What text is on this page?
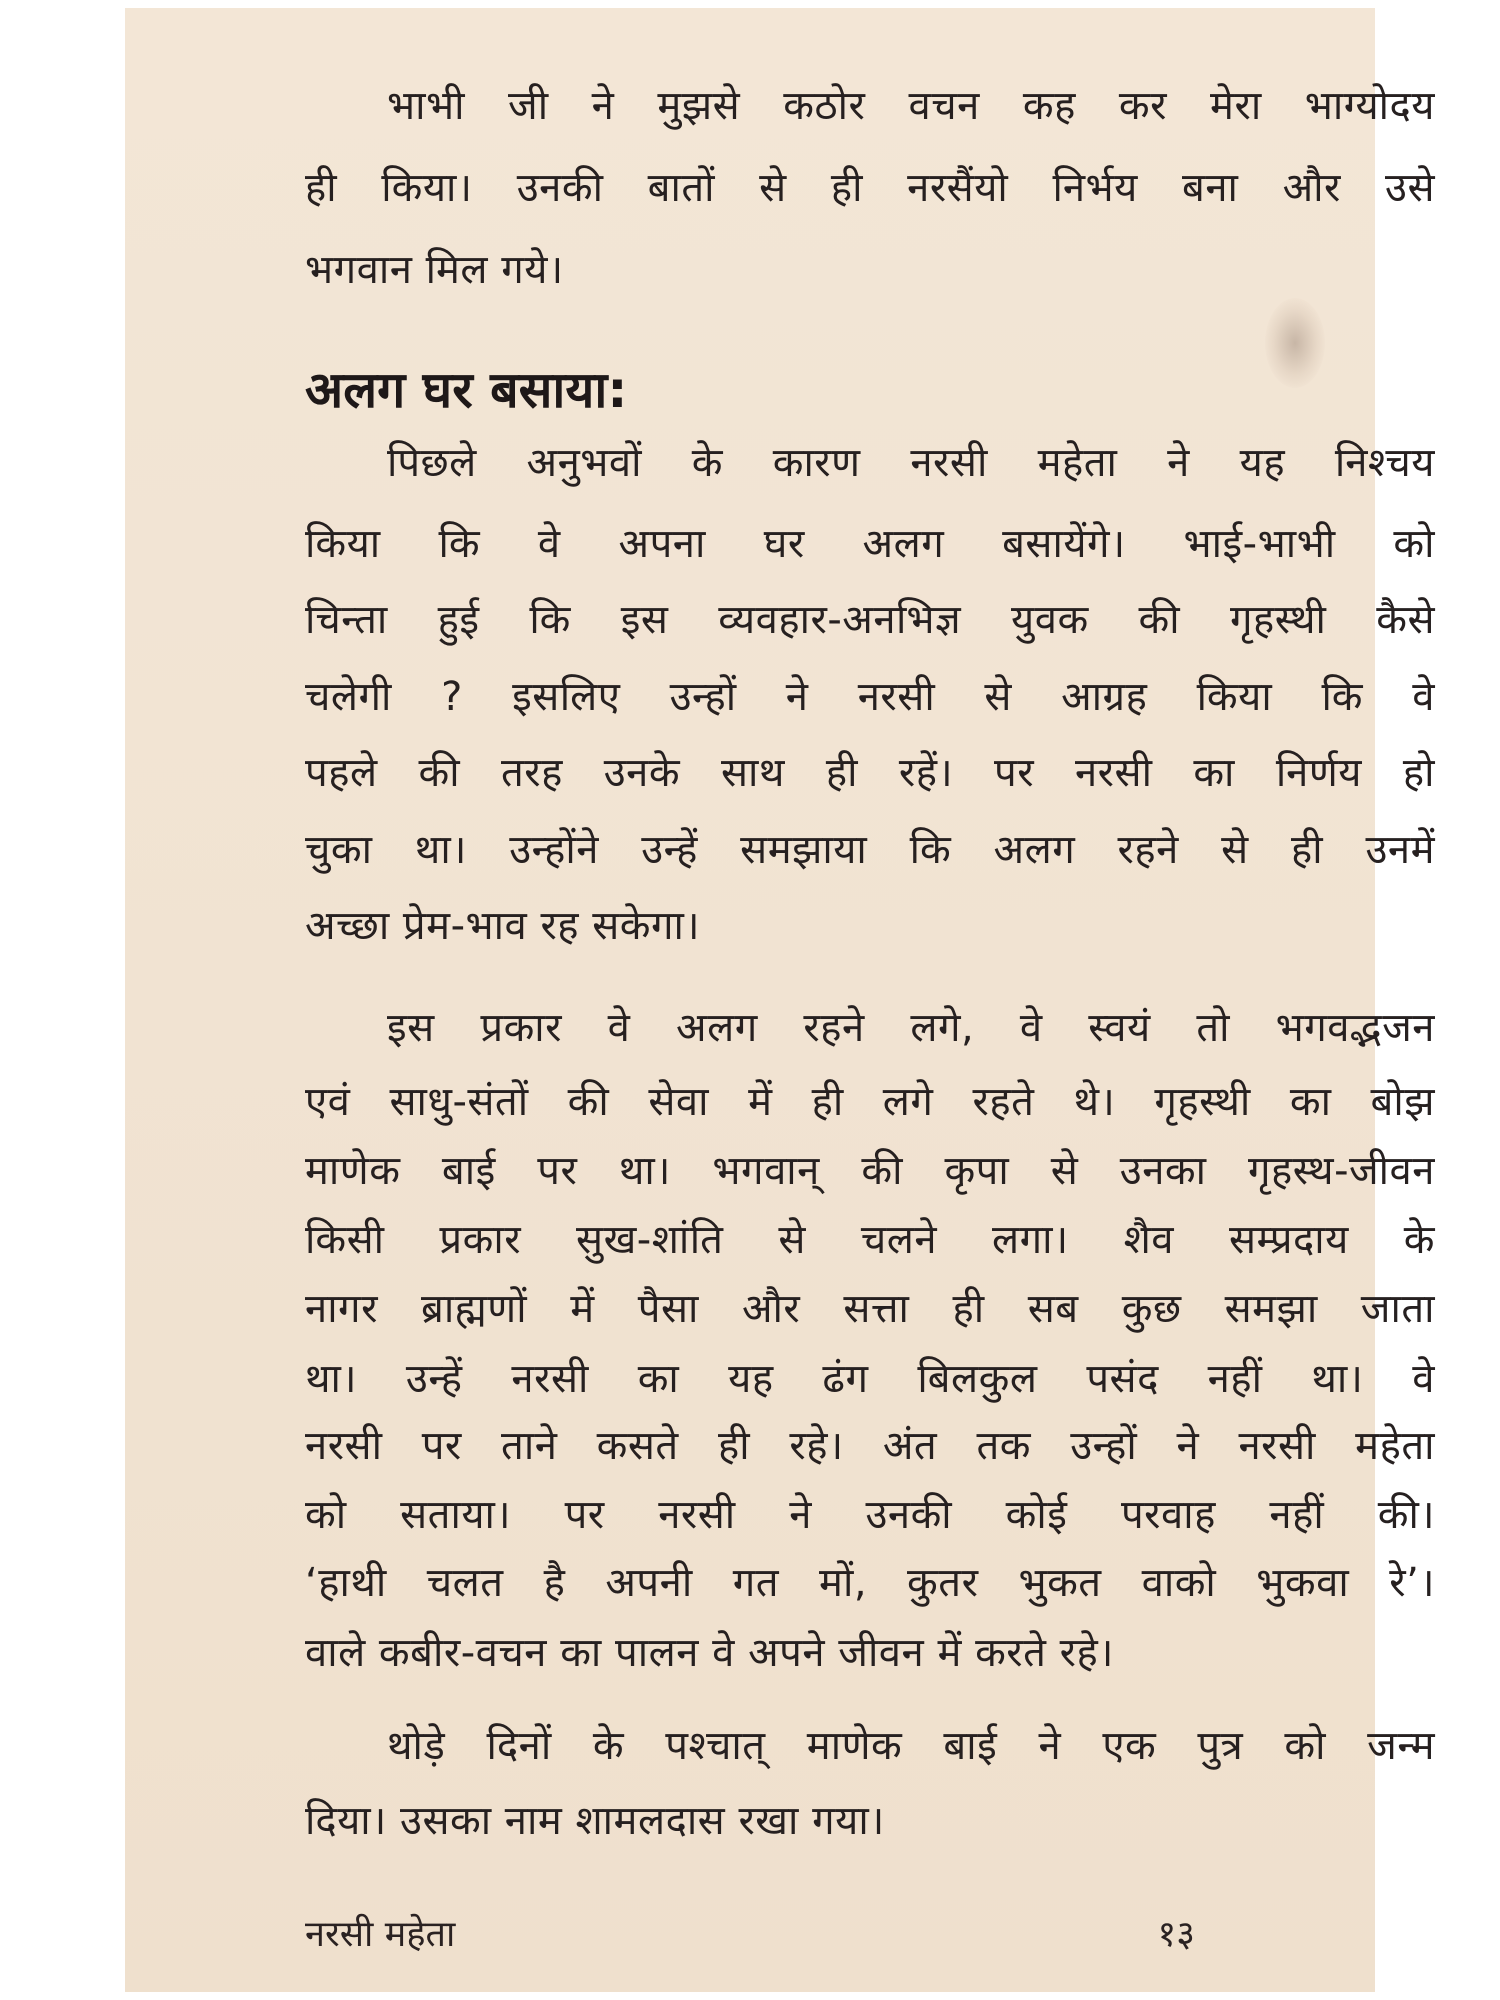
भाभी जी ने मुझसे कठोर वचन कह कर मेरा भाग्योदय
ही किया। उनकी बातों से ही नरसैंयो निर्भय बना और उसे
भगवान मिल गये।
अलग घर बसाया:
पिछले अनुभवों के कारण नरसी महेता ने यह निश्चय
किया कि वे अपना घर अलग बसायेंगे। भाई-भाभी को
चिन्ता हुई कि इस व्यवहार-अनभिज्ञ युवक की गृहस्थी कैसे
चलेगी ? इसलिए उन्हों ने नरसी से आग्रह किया कि वे
पहले की तरह उनके साथ ही रहें। पर नरसी का निर्णय हो
चुका था। उन्होंने उन्हें समझाया कि अलग रहने से ही उनमें
अच्छा प्रेम-भाव रह सकेगा।
इस प्रकार वे अलग रहने लगे, वे स्वयं तो भगवद्भजन
एवं साधु-संतों की सेवा में ही लगे रहते थे। गृहस्थी का बोझ
माणेक बाई पर था। भगवान् की कृपा से उनका गृहस्थ-जीवन
किसी प्रकार सुख-शांति से चलने लगा। शैव सम्प्रदाय के
नागर ब्राह्मणों में पैसा और सत्ता ही सब कुछ समझा जाता
था। उन्हें नरसी का यह ढंग बिलकुल पसंद नहीं था। वे
नरसी पर ताने कसते ही रहे। अंत तक उन्हों ने नरसी महेता
को सताया। पर नरसी ने उनकी कोई परवाह नहीं की।
‘हाथी चलत है अपनी गत मों, कुतर भुकत वाको भुकवा रे’।
वाले कबीर-वचन का पालन वे अपने जीवन में करते रहे।
थोड़े दिनों के पश्चात् माणेक बाई ने एक पुत्र को जन्म
दिया। उसका नाम शामलदास रखा गया।
नरसी महेता	१३
